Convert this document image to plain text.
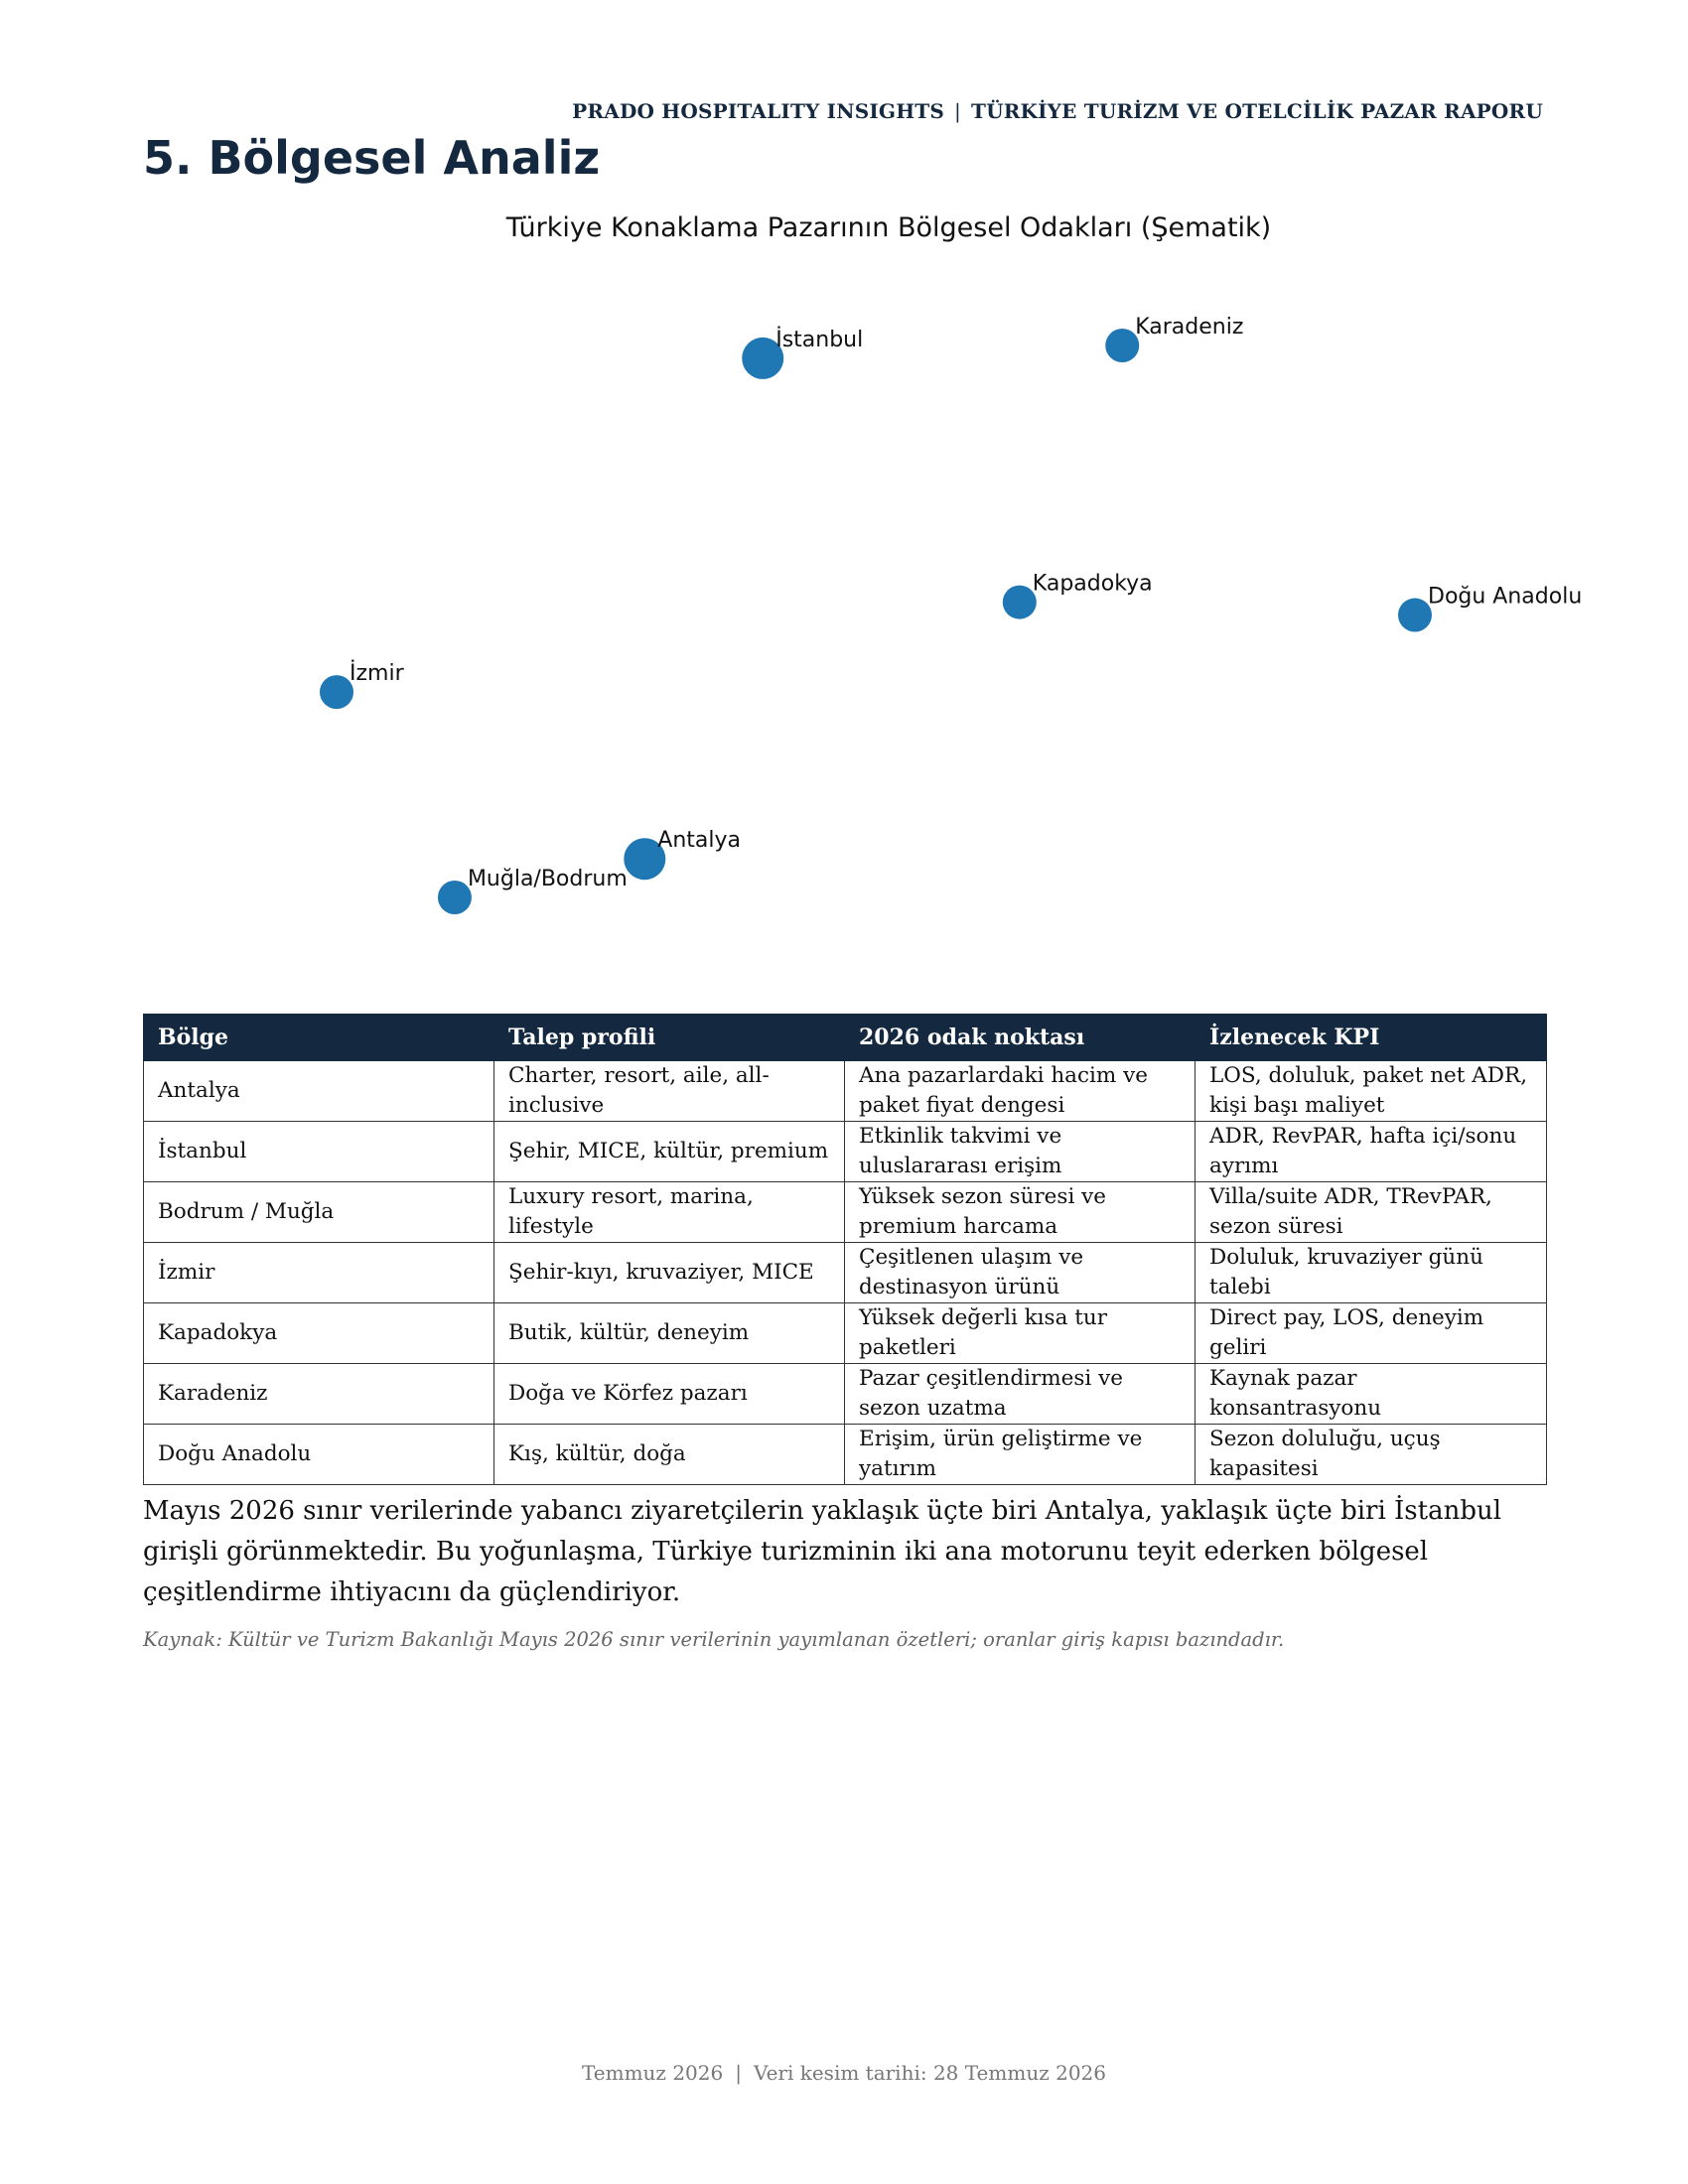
PRADO HOSPITALITY INSIGHTS | TÜRKİYE TURİZM VE OTELCİLİK PAZAR RAPORU
5. Bölgesel Analiz
Türkiye Konaklama Pazarının Bölgesel Odakları (Şematik)
İstanbul
Karadeniz
Kapadokya
Doğu Anadolu
İzmir
Antalya
Muğla/Bodrum
Bölge	Talep profili	2026 odak noktası	İzlenecek KPI
Antalya	Charter, resort, aile, all-inclusive	Ana pazarlardaki hacim ve paket fiyat dengesi	LOS, doluluk, paket net ADR, kişi başı maliyet
İstanbul	Şehir, MICE, kültür, premium	Etkinlik takvimi ve uluslararası erişim	ADR, RevPAR, hafta içi/sonu ayrımı
Bodrum / Muğla	Luxury resort, marina, lifestyle	Yüksek sezon süresi ve premium harcama	Villa/suite ADR, TRevPAR, sezon süresi
İzmir	Şehir-kıyı, kruvaziyer, MICE	Çeşitlenen ulaşım ve destinasyon ürünü	Doluluk, kruvaziyer günü talebi
Kapadokya	Butik, kültür, deneyim	Yüksek değerli kısa tur paketleri	Direct pay, LOS, deneyim geliri
Karadeniz	Doğa ve Körfez pazarı	Pazar çeşitlendirmesi ve sezon uzatma	Kaynak pazar konsantrasyonu
Doğu Anadolu	Kış, kültür, doğa	Erişim, ürün geliştirme ve yatırım	Sezon doluluğu, uçuş kapasitesi

Mayıs 2026 sınır verilerinde yabancı ziyaretçilerin yaklaşık üçte biri Antalya, yaklaşık üçte biri İstanbul girişli görünmektedir. Bu yoğunlaşma, Türkiye turizminin iki ana motorunu teyit ederken bölgesel çeşitlendirme ihtiyacını da güçlendiriyor.

Kaynak: Kültür ve Turizm Bakanlığı Mayıs 2026 sınır verilerinin yayımlanan özetleri; oranlar giriş kapısı bazındadır.

Temmuz 2026 | Veri kesim tarihi: 28 Temmuz 2026
